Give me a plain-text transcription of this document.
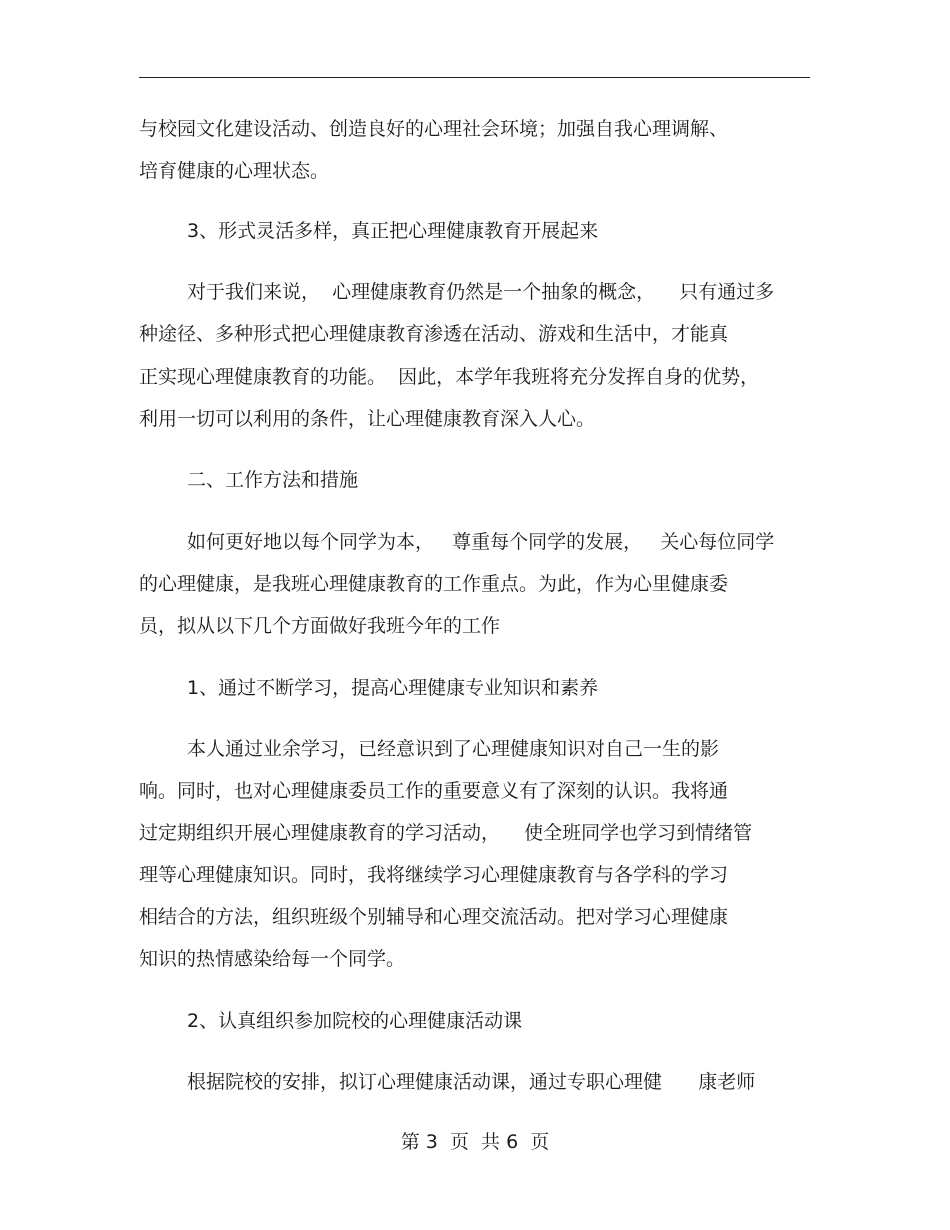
与校园文化建设活动、创造良好的心理社会环境；加强自我心理调解、
培育健康的心理状态。
3、形式灵活多样，真正把心理健康教育开展起来
对于我们来说，  心理健康教育仍然是一个抽象的概念，    只有通过多
种途径、多种形式把心理健康教育渗透在活动、游戏和生活中，才能真
正实现心理健康教育的功能。  因此，本学年我班将充分发挥自身的优势，
利用一切可以利用的条件，让心理健康教育深入人心。
二、工作方法和措施
如何更好地以每个同学为本，   尊重每个同学的发展，   关心每位同学
的心理健康，是我班心理健康教育的工作重点。为此，作为心里健康委
员，拟从以下几个方面做好我班今年的工作
1、通过不断学习，提高心理健康专业知识和素养
本人通过业余学习，已经意识到了心理健康知识对自己一生的影
响。同时，也对心理健康委员工作的重要意义有了深刻的认识。我将通
过定期组织开展心理健康教育的学习活动，    使全班同学也学习到情绪管
理等心理健康知识。同时，我将继续学习心理健康教育与各学科的学习
相结合的方法，组织班级个别辅导和心理交流活动。把对学习心理健康
知识的热情感染给每一个同学。
2、认真组织参加院校的心理健康活动课
根据院校的安排，拟订心理健康活动课，通过专职心理健      康老师
第 3  页  共 6  页
